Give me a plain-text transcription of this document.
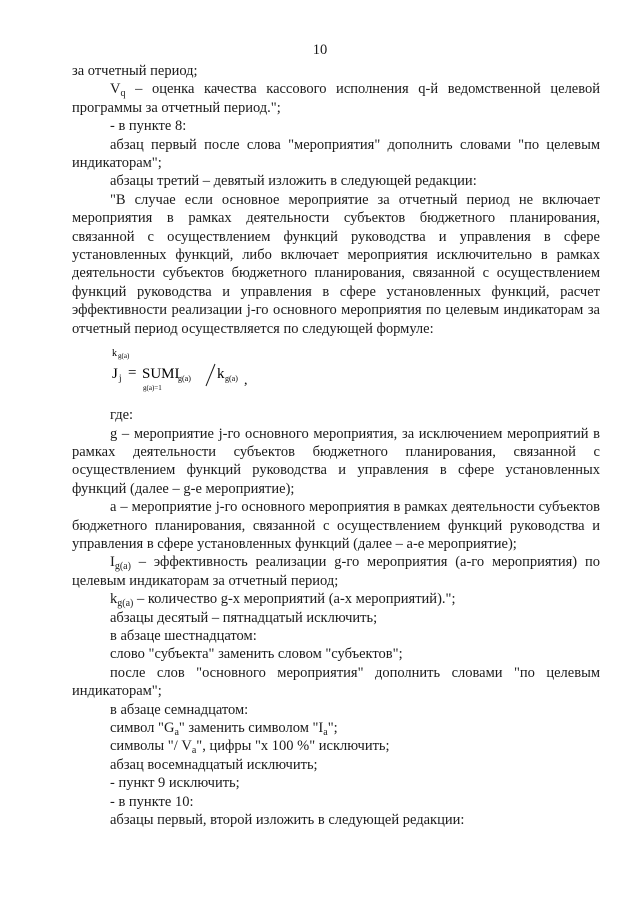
10

за отчетный период;

$V_q$ – оценка качества кассового исполнения q-й ведомственной целевой программы за отчетный период.";

- в пункте 8:

абзац первый после слова "мероприятия" дополнить словами "по целевым индикаторам";

абзацы третий – девятый изложить в следующей редакции:

"В случае если основное мероприятие за отчетный период не включает мероприятия в рамках деятельности субъектов бюджетного планирования, связанной с осуществлением функций руководства и управления в сфере установленных функций, либо включает мероприятия исключительно в рамках деятельности субъектов бюджетного планирования, связанной с осуществлением функций руководства и управления в сфере установленных функций, расчет эффективности реализации j-го основного мероприятия по целевым индикаторам за отчетный период осуществляется по следующей формуле:

k g(a)
J j = SUMI
g(a)
g(a)=1
k g(a) ,

где:

g – мероприятие j-го основного мероприятия, за исключением мероприятий в рамках деятельности субъектов бюджетного планирования, связанной с осуществлением функций руководства и управления в сфере установленных функций (далее – g-е мероприятие);

a – мероприятие j-го основного мероприятия в рамках деятельности субъектов бюджетного планирования, связанной с осуществлением функций руководства и управления в сфере установленных функций (далее – а-е мероприятие);

$I_{g(a)}$ – эффективность реализации g-го мероприятия (а-го мероприятия) по целевым индикаторам за отчетный период;

$k_{g(a)}$ – количество g-х мероприятий (а-х мероприятий).";

абзацы десятый – пятнадцатый исключить;

в абзаце шестнадцатом:

слово "субъекта" заменить словом "субъектов";

после слов "основного мероприятия" дополнить словами "по целевым индикаторам";

в абзаце семнадцатом:

символ "$G_a$" заменить символом "$I_a$";

символы "/ $V_a$", цифры "х 100 %" исключить;

абзац восемнадцатый исключить;

- пункт 9 исключить;

- в пункте 10:

абзацы первый, второй изложить в следующей редакции:
